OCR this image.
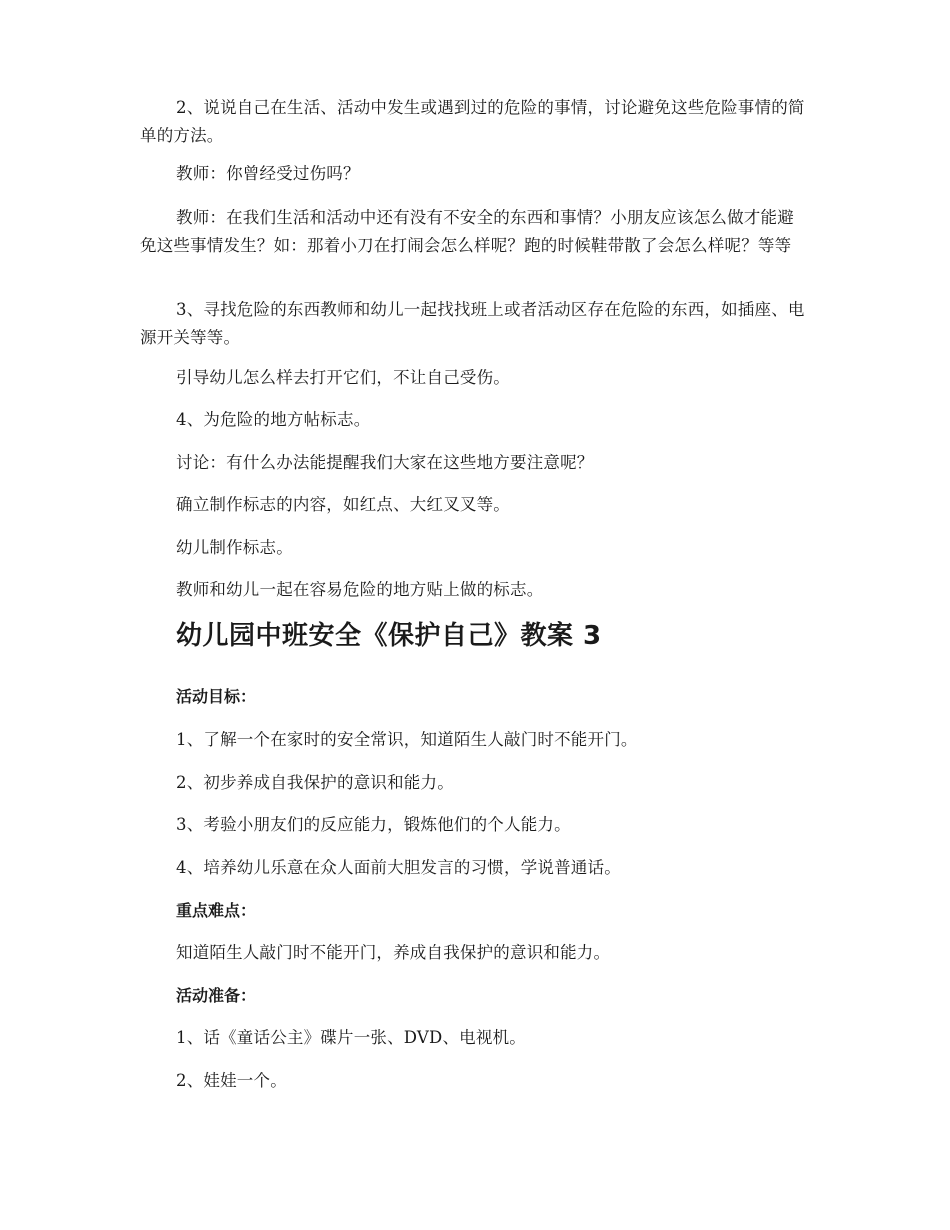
2、说说自己在生活、活动中发生或遇到过的危险的事情，讨论避免这些危险事情的简单的方法。

教师：你曾经受过伤吗？

教师：在我们生活和活动中还有没有不安全的东西和事情？小朋友应该怎么做才能避免这些事情发生？如：那着小刀在打闹会怎么样呢？跑的时候鞋带散了会怎么样呢？等等

3、寻找危险的东西教师和幼儿一起找找班上或者活动区存在危险的东西，如插座、电源开关等等。

引导幼儿怎么样去打开它们，不让自己受伤。

4、为危险的地方帖标志。

讨论：有什么办法能提醒我们大家在这些地方要注意呢？

确立制作标志的内容，如红点、大红叉叉等。

幼儿制作标志。

教师和幼儿一起在容易危险的地方贴上做的标志。

幼儿园中班安全《保护自己》教案 3

活动目标：

1、了解一个在家时的安全常识，知道陌生人敲门时不能开门。

2、初步养成自我保护的意识和能力。

3、考验小朋友们的反应能力，锻炼他们的个人能力。

4、培养幼儿乐意在众人面前大胆发言的习惯，学说普通话。

重点难点：

知道陌生人敲门时不能开门，养成自我保护的意识和能力。

活动准备：

1、话《童话公主》碟片一张、DVD、电视机。

2、娃娃一个。
